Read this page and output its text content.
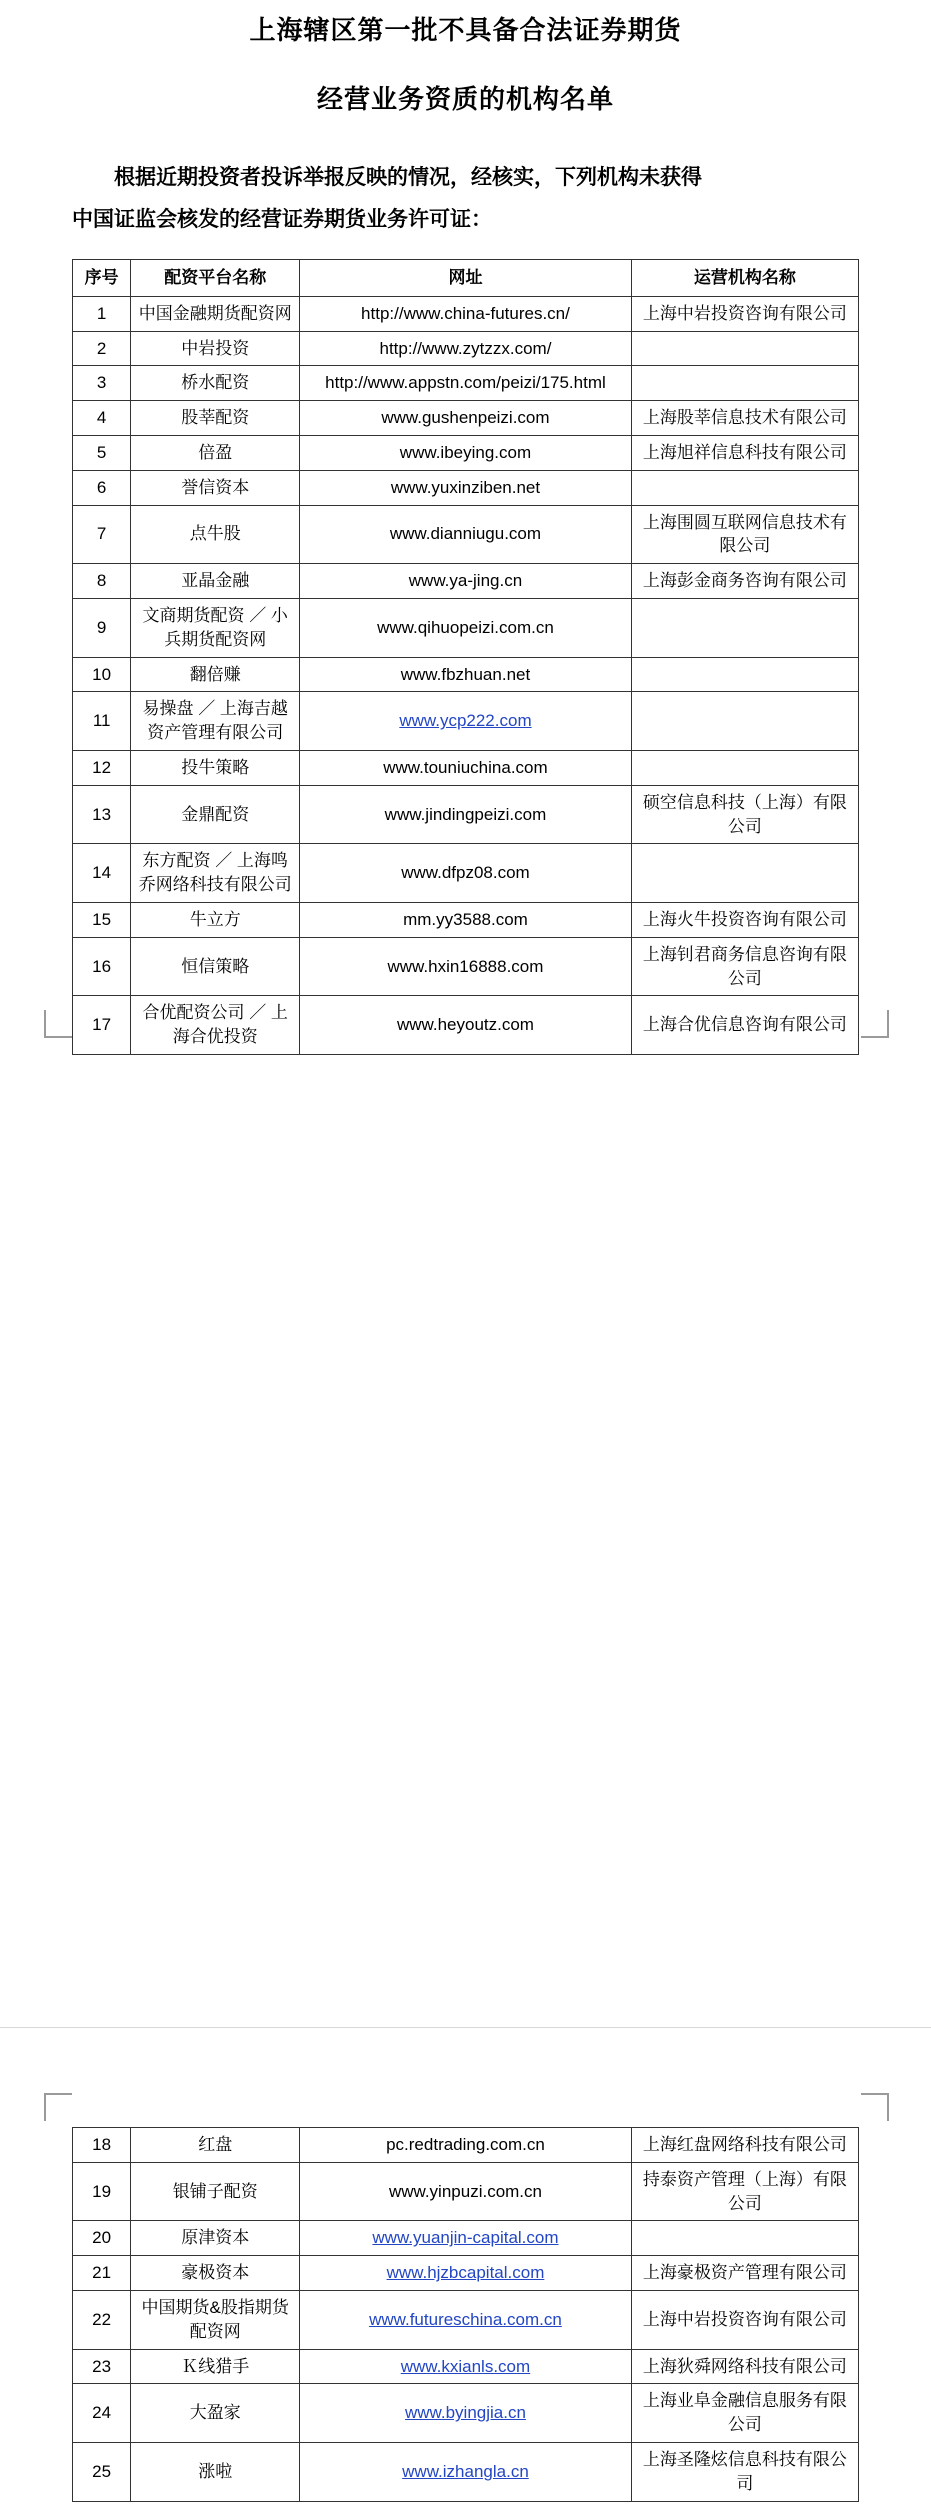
上海辖区第一批不具备合法证券期货
经营业务资质的机构名单
根据近期投资者投诉举报反映的情况，经核实，下列机构未获得
中国证监会核发的经营证券期货业务许可证：
序号	配资平台名称	网址	运营机构名称
1	中国金融期货配资网	http://www.china-futures.cn/	上海中岩投资咨询有限公司
2	中岩投资	http://www.zytzzx.com/	
3	桥水配资	http://www.appstn.com/peizi/175.html	
4	股莘配资	www.gushenpeizi.com	上海股莘信息技术有限公司
5	倍盈	www.ibeying.com	上海旭祥信息科技有限公司
6	誉信资本	www.yuxinziben.net	
7	点牛股	www.dianniugu.com	上海围圆互联网信息技术有限公司
8	亚晶金融	www.ya-jing.cn	上海彭金商务咨询有限公司
9	文商期货配资 ／ 小兵期货配资网	www.qihuopeizi.com.cn	
10	翻倍赚	www.fbzhuan.net	
11	易操盘 ／ 上海吉越资产管理有限公司	www.ycp222.com	
12	投牛策略	www.touniuchina.com	
13	金鼎配资	www.jindingpeizi.com	硕空信息科技（上海）有限公司
14	东方配资 ／ 上海鸣乔网络科技有限公司	www.dfpz08.com	
15	牛立方	mm.yy3588.com	上海火牛投资咨询有限公司
16	恒信策略	www.hxin16888.com	上海钊君商务信息咨询有限公司
17	合优配资公司 ／ 上海合优投资	www.heyoutz.com	上海合优信息咨询有限公司
18	红盘	pc.redtrading.com.cn	上海红盘网络科技有限公司
19	银铺子配资	www.yinpuzi.com.cn	持泰资产管理（上海）有限公司
20	原津资本	www.yuanjin-capital.com	
21	豪极资本	www.hjzbcapital.com	上海豪极资产管理有限公司
22	中国期货&股指期货配资网	www.futureschina.com.cn	上海中岩投资咨询有限公司
23	Ｋ线猎手	www.kxianls.com	上海狄舜网络科技有限公司
24	大盈家	www.byingjia.cn	上海业阜金融信息服务有限公司
25	涨啦	www.izhangla.cn	上海圣隆炫信息科技有限公司
